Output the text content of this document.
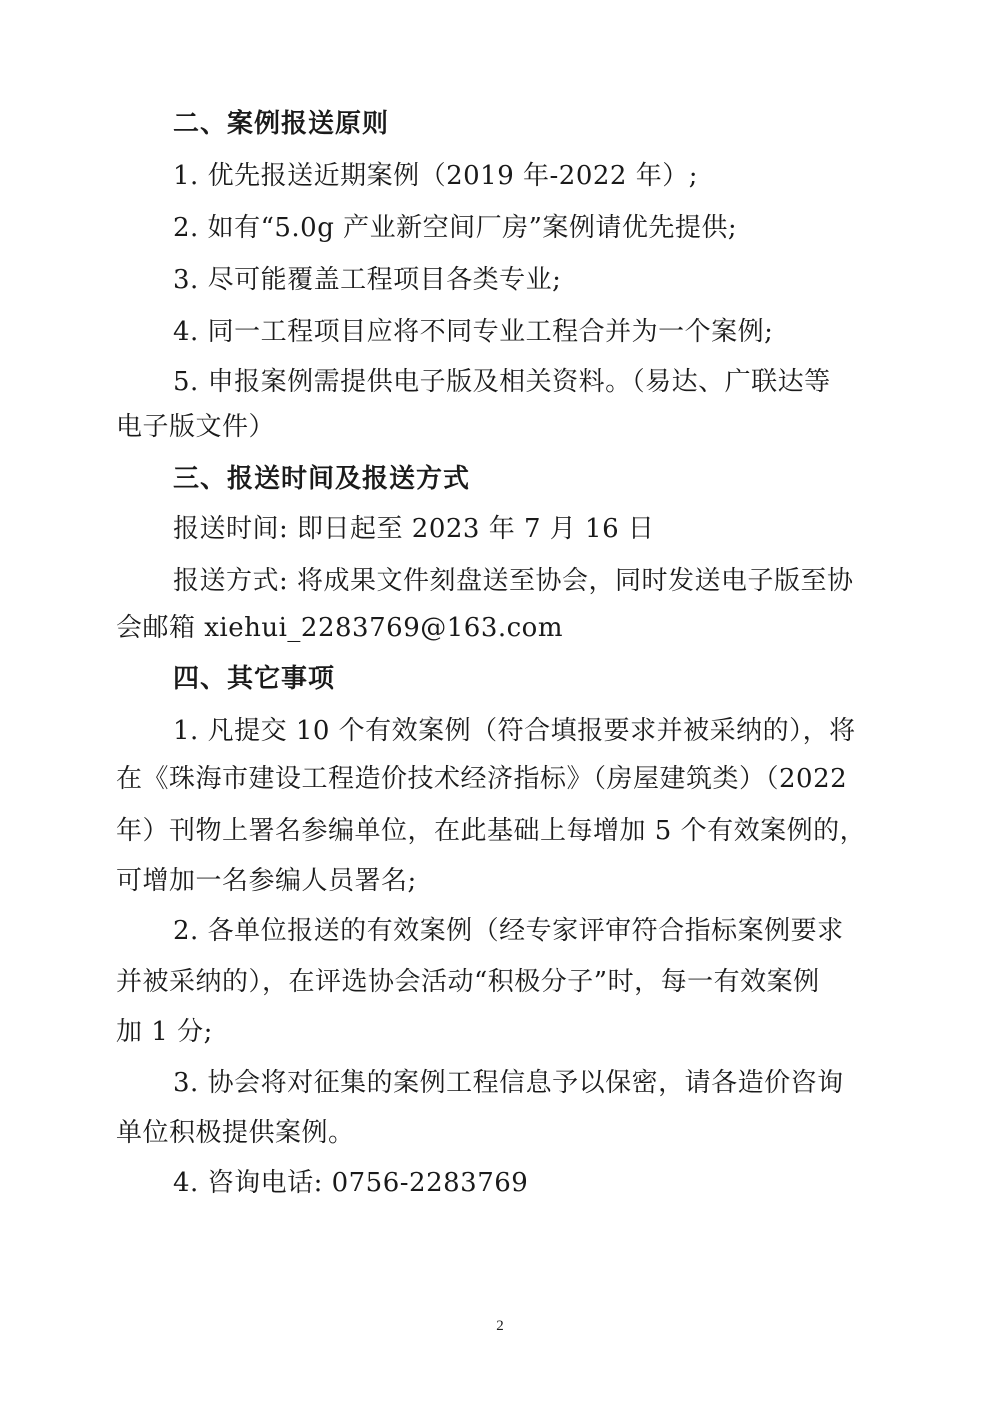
二、案例报送原则
1. 优先报送近期案例（2019 年-2022 年）;
2. 如有“5.0g 产业新空间厂房”案例请优先提供;
3. 尽可能覆盖工程项目各类专业;
4. 同一工程项目应将不同专业工程合并为一个案例;
5. 申报案例需提供电子版及相关资料。（易达、广联达等
电子版文件）
三、报送时间及报送方式
报送时间: 即日起至 2023 年 7 月 16 日
报送方式: 将成果文件刻盘送至协会，同时发送电子版至协
会邮箱 xiehui_2283769@163.com
四、其它事项
1. 凡提交 10 个有效案例（符合填报要求并被采纳的），将
在《珠海市建设工程造价技术经济指标》（房屋建筑类）（2022
年）刊物上署名参编单位，在此基础上每增加 5 个有效案例的，
可增加一名参编人员署名;
2. 各单位报送的有效案例（经专家评审符合指标案例要求
并被采纳的），在评选协会活动“积极分子”时，每一有效案例
加 1 分;
3. 协会将对征集的案例工程信息予以保密，请各造价咨询
单位积极提供案例。
4. 咨询电话: 0756-2283769
2
